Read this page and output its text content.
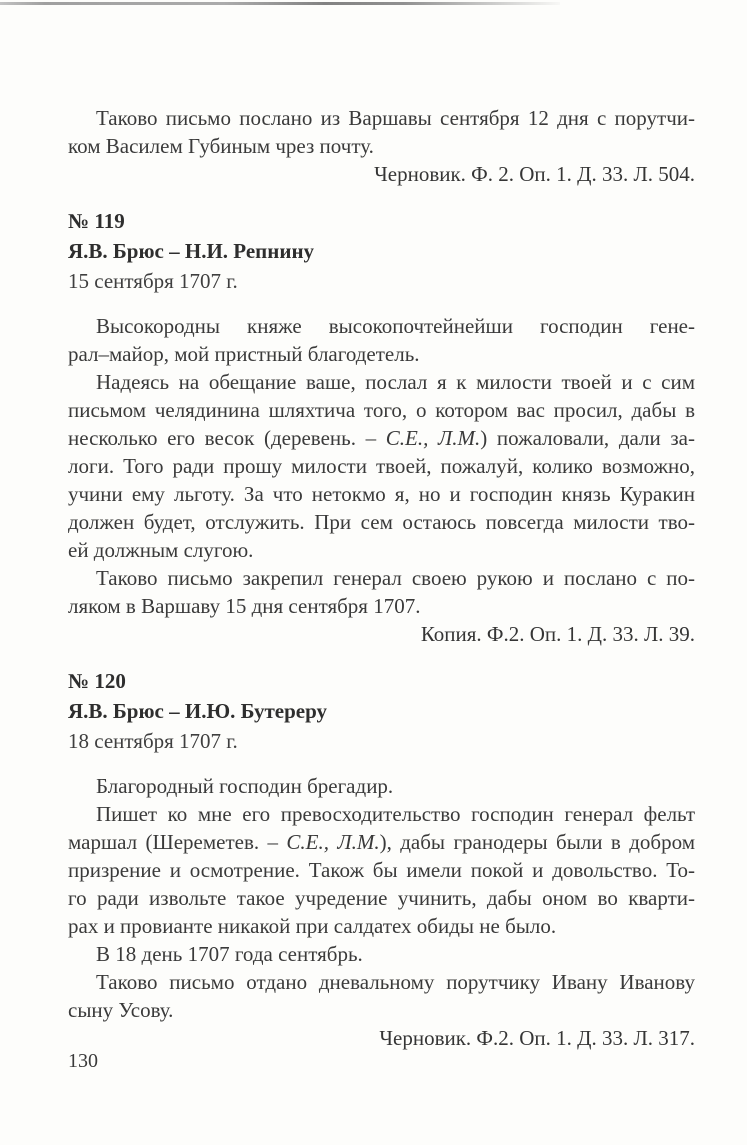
Таково письмо послано из Варшавы сентября 12 дня с порутчи-
ком Василем Губиным чрез почту.
Черновик. Ф. 2. Оп. 1. Д. 33. Л. 504.
№ 119
Я.В. Брюс – Н.И. Репнину
15 сентября 1707 г.
Высокородны княже высокопочтейнейши господин гене-
рал–майор, мой пристный благодетель.
Надеясь на обещание ваше, послал я к милости твоей и с сим
письмом челядинина шляхтича того, о котором вас просил, дабы в
несколько его весок (деревень. – С.Е., Л.М.) пожаловали, дали за-
логи. Того ради прошу милости твоей, пожалуй, колико возможно,
учини ему льготу. За что нетокмо я, но и господин князь Куракин
должен будет, отслужить. При сем остаюсь повсегда милости тво-
ей должным слугою.
Таково письмо закрепил генерал своею рукою и послано с по-
ляком в Варшаву 15 дня сентября 1707.
Копия. Ф.2. Оп. 1. Д. 33. Л. 39.
№ 120
Я.В. Брюс – И.Ю. Бутереру
18 сентября 1707 г.
Благородный господин брегадир.
Пишет ко мне его превосходительство господин генерал фельт
маршал (Шереметев. – С.Е., Л.М.), дабы гранодеры были в добром
призрение и осмотрение. Також бы имели покой и довольство. То-
го ради извольте такое учредение учинить, дабы оном во кварти-
рах и провианте никакой при салдатех обиды не было.
В 18 день 1707 года сентябрь.
Таково письмо отдано дневальному порутчику Ивану Иванову
сыну Усову.
Черновик. Ф.2. Оп. 1. Д. 33. Л. 317.
130
